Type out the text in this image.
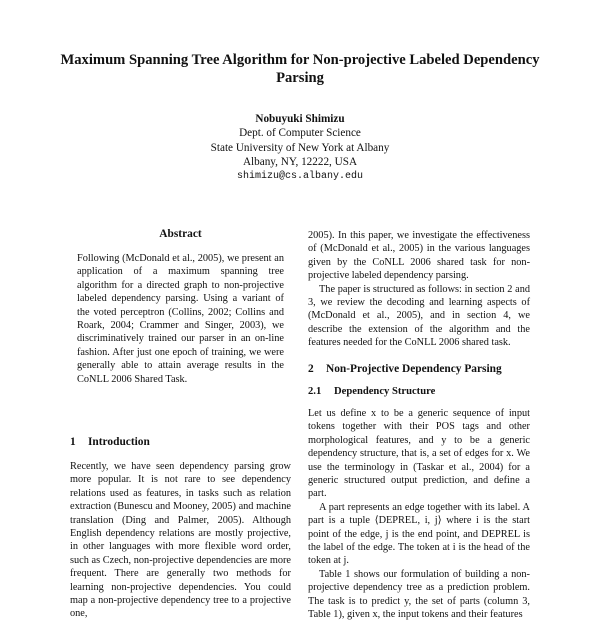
Maximum Spanning Tree Algorithm for Non-projective Labeled Dependency Parsing
Nobuyuki Shimizu
Dept. of Computer Science
State University of New York at Albany
Albany, NY, 12222, USA
shimizu@cs.albany.edu
Abstract
Following (McDonald et al., 2005), we present an application of a maximum spanning tree algorithm for a directed graph to non-projective labeled dependency parsing. Using a variant of the voted perceptron (Collins, 2002; Collins and Roark, 2004; Crammer and Singer, 2003), we discriminatively trained our parser in an on-line fashion. After just one epoch of training, we were generally able to attain average results in the CoNLL 2006 Shared Task.
1 Introduction

Recently, we have seen dependency parsing grow more popular. It is not rare to see dependency relations used as features, in tasks such as relation extraction (Bunescu and Mooney, 2005) and machine translation (Ding and Palmer, 2005). Although English dependency relations are mostly projective, in other languages with more flexible word order, such as Czech, non-projective dependencies are more frequent. There are generally two methods for learning non-projective dependencies. You could map a non-projective dependency tree to a projective one,

2005). In this paper, we investigate the effectiveness of (McDonald et al., 2005) in the various languages given by the CoNLL 2006 shared task for non-projective labeled dependency parsing.

The paper is structured as follows: in section 2 and 3, we review the decoding and learning aspects of (McDonald et al., 2005), and in section 4, we describe the extension of the algorithm and the features needed for the CoNLL 2006 shared task.

2 Non-Projective Dependency Parsing
2.1 Dependency Structure

Let us define x to be a generic sequence of input tokens together with their POS tags and other morphological features, and y to be a generic dependency structure, that is, a set of edges for x. We use the terminology in (Taskar et al., 2004) for a generic structured output prediction, and define a part.

A part represents an edge together with its label. A part is a tuple ⟨DEPREL, i, j⟩ where i is the start point of the edge, j is the end point, and DEPREL is the label of the edge. The token at i is the head of the token at j.

Table 1 shows our formulation of building a non-projective dependency tree as a prediction problem. The task is to predict y, the set of parts (column 3, Table 1), given x, the input tokens and their features
